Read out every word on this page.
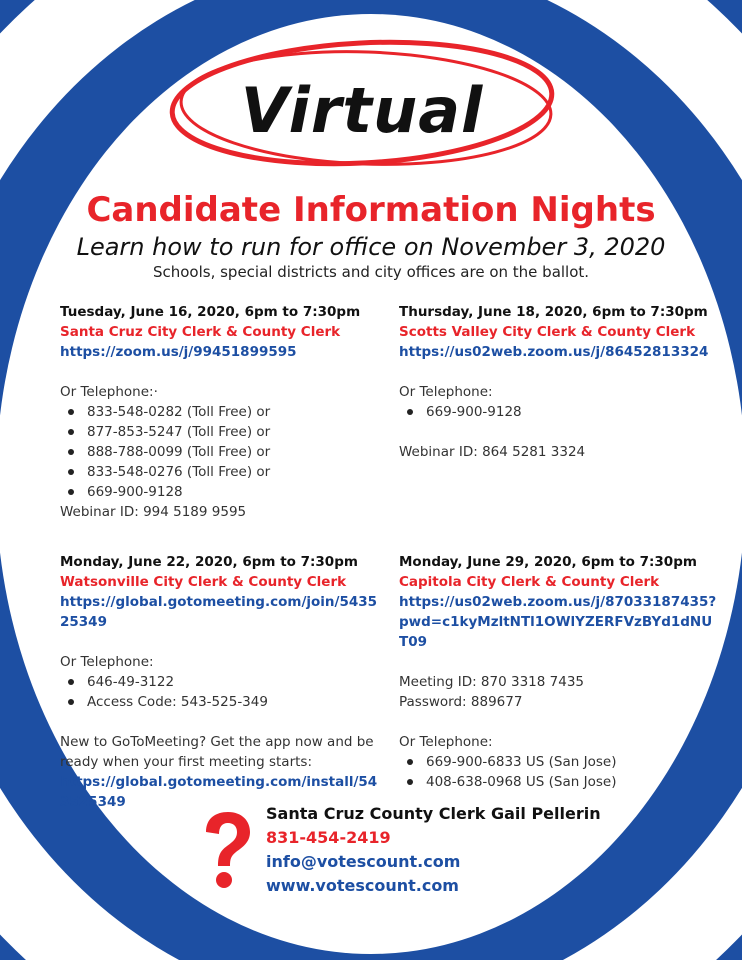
Virtual
Candidate Information Nights
Learn how to run for office on November 3, 2020
Schools, special districts and city offices are on the ballot.
Tuesday, June 16, 2020, 6pm to 7:30pm
Santa Cruz City Clerk & County Clerk
https://zoom.us/j/99451899595
Or Telephone:·
833-548-0282 (Toll Free) or
877-853-5247 (Toll Free) or
888-788-0099 (Toll Free) or
833-548-0276 (Toll Free) or
669-900-9128
Webinar ID: 994 5189 9595
Thursday, June 18, 2020, 6pm to 7:30pm
Scotts Valley City Clerk & County Clerk
https://us02web.zoom.us/j/86452813324
Or Telephone:
669-900-9128
Webinar ID: 864 5281 3324
Monday, June 22, 2020, 6pm to 7:30pm
Watsonville City Clerk & County Clerk
https://global.gotomeeting.com/join/543525349
Or Telephone:
646-49-3122
Access Code: 543-525-349
New to GoToMeeting? Get the app now and be ready when your first meeting starts:
https://global.gotomeeting.com/install/543525349
Monday, June 29, 2020, 6pm to 7:30pm
Capitola City Clerk & County Clerk
https://us02web.zoom.us/j/87033187435?pwd=c1kyMzltNTl1OWlYZERFVzBYd1dNUT09
Meeting ID: 870 3318 7435
Password: 889677
Or Telephone:
669-900-6833 US (San Jose)
408-638-0968 US (San Jose)
Santa Cruz County Clerk Gail Pellerin
831-454-2419
info@votescount.com
www.votescount.com
